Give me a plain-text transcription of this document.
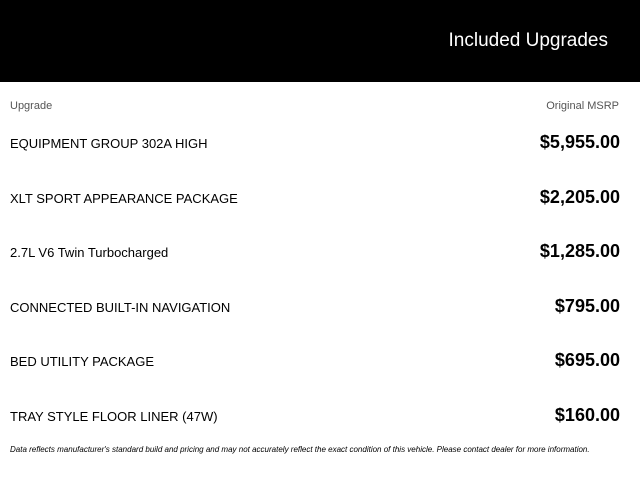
Included Upgrades
Upgrade	Original MSRP
EQUIPMENT GROUP 302A HIGH	$5,955.00
XLT SPORT APPEARANCE PACKAGE	$2,205.00
2.7L V6 Twin Turbocharged	$1,285.00
CONNECTED BUILT-IN NAVIGATION	$795.00
BED UTILITY PACKAGE	$695.00
TRAY STYLE FLOOR LINER (47W)	$160.00
Data reflects manufacturer's standard build and pricing and may not accurately reflect the exact condition of this vehicle. Please contact dealer for more information.
